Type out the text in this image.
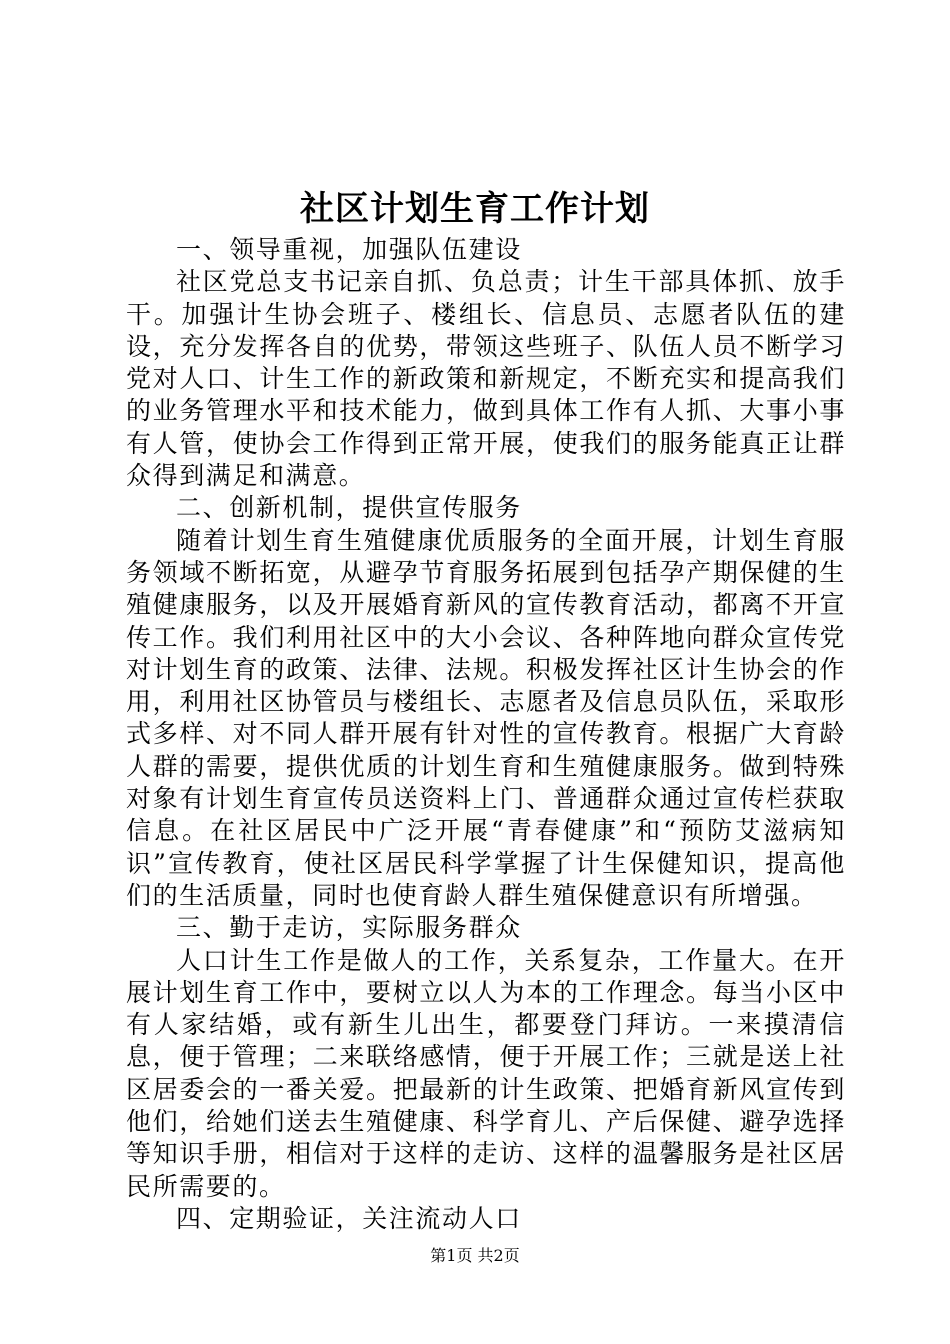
社区计划生育工作计划

一、领导重视，加强队伍建设

社区党总支书记亲自抓、负总责；计生干部具体抓、放手干。加强计生协会班子、楼组长、信息员、志愿者队伍的建设，充分发挥各自的优势，带领这些班子、队伍人员不断学习党对人口、计生工作的新政策和新规定，不断充实和提高我们的业务管理水平和技术能力，做到具体工作有人抓、大事小事有人管，使协会工作得到正常开展，使我们的服务能真正让群众得到满足和满意。

二、创新机制，提供宣传服务

随着计划生育生殖健康优质服务的全面开展，计划生育服务领域不断拓宽，从避孕节育服务拓展到包括孕产期保健的生殖健康服务，以及开展婚育新风的宣传教育活动，都离不开宣传工作。我们利用社区中的大小会议、各种阵地向群众宣传党对计划生育的政策、法律、法规。积极发挥社区计生协会的作用，利用社区协管员与楼组长、志愿者及信息员队伍，采取形式多样、对不同人群开展有针对性的宣传教育。根据广大育龄人群的需要，提供优质的计划生育和生殖健康服务。做到特殊对象有计划生育宣传员送资料上门、普通群众通过宣传栏获取信息。在社区居民中广泛开展“青春健康”和“预防艾滋病知识”宣传教育，使社区居民科学掌握了计生保健知识，提高他们的生活质量，同时也使育龄人群生殖保健意识有所增强。

三、勤于走访，实际服务群众

人口计生工作是做人的工作，关系复杂，工作量大。在开展计划生育工作中，要树立以人为本的工作理念。每当小区中有人家结婚，或有新生儿出生，都要登门拜访。一来摸清信息，便于管理；二来联络感情，便于开展工作；三就是送上社区居委会的一番关爱。把最新的计生政策、把婚育新风宣传到他们，给她们送去生殖健康、科学育儿、产后保健、避孕选择等知识手册，相信对于这样的走访、这样的温馨服务是社区居民所需要的。

四、定期验证，关注流动人口

第1页 共2页
